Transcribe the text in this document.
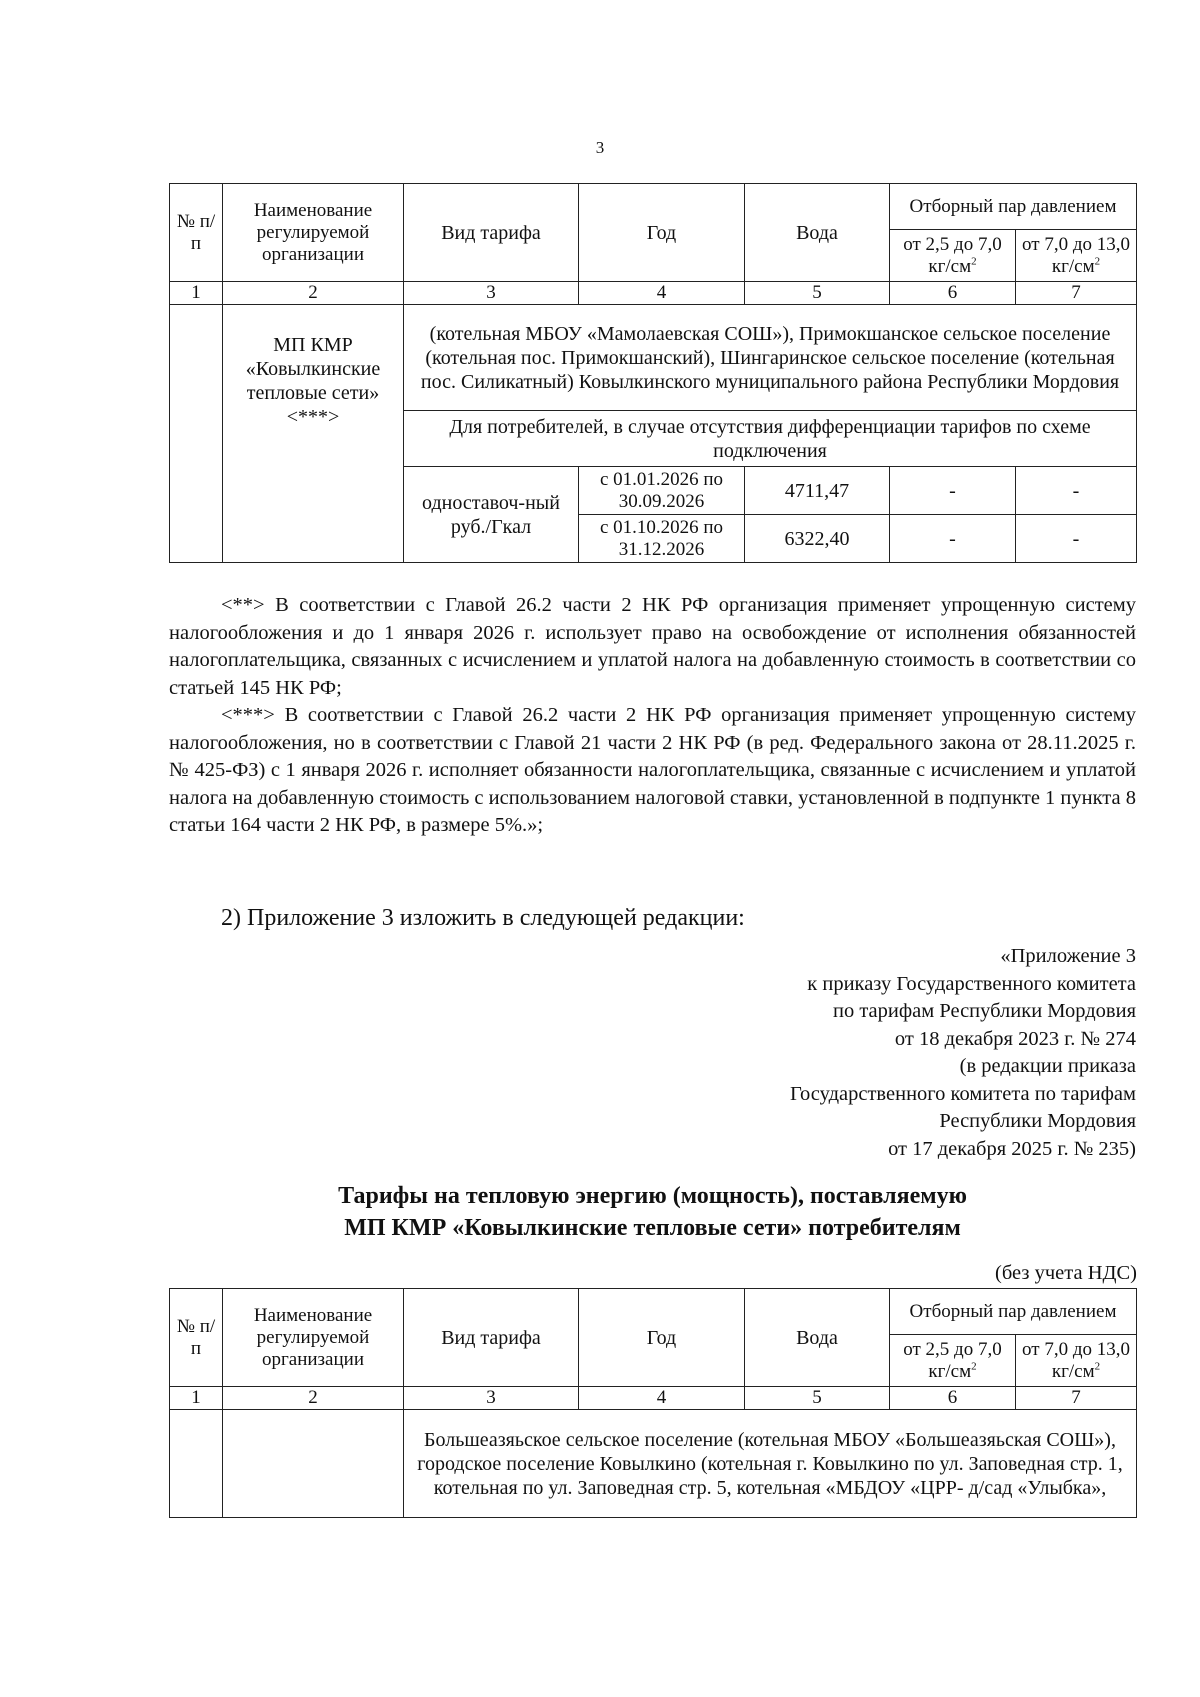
3
№ п/п	Наименование регулируемой организации	Вид тарифа	Год	Вода	Отборный пар давлением	
					от 2,5 до 7,0 $кг/см^2$	от 7,0 до 13,0 $кг/см^2$
1	2	3	4	5	6	7
	МП КМР «Ковылкинские тепловые сети» <***>	(котельная МБОУ «Мамолаевская СОШ»), Примокшанское сельское поселение (котельная пос. Примокшанский), Шингаринское сельское поселение (котельная пос. Силикатный) Ковылкинского муниципального района Республики Мордовия				
		Для потребителей, в случае отсутствия дифференциации тарифов по схеме подключения				
		одноставоч-ный руб./Гкал	с 01.01.2026 по 30.09.2026	4711,47	-	-
			с 01.10.2026 по 31.12.2026	6322,40	-	-
<**> В соответствии с Главой 26.2 части 2 НК РФ организация применяет упрощенную систему налогообложения и до 1 января 2026 г. использует право на освобождение от исполнения обязанностей налогоплательщика, связанных с исчислением и уплатой налога на добавленную стоимость в соответствии со статьей 145 НК РФ;
<***> В соответствии с Главой 26.2 части 2 НК РФ организация применяет упрощенную систему налогообложения, но в соответствии с Главой 21 части 2 НК РФ (в ред. Федерального закона от 28.11.2025 г. № 425-ФЗ) с 1 января 2026 г. исполняет обязанности налогоплательщика, связанные с исчислением и уплатой налога на добавленную стоимость с использованием налоговой ставки, установленной в подпункте 1 пункта 8 статьи 164 части 2 НК РФ, в размере 5%.»;
2) Приложение 3 изложить в следующей редакции:
«Приложение 3
к приказу Государственного комитета
по тарифам Республики Мордовия
от 18 декабря 2023 г. № 274
(в редакции приказа
Государственного комитета по тарифам
Республики Мордовия
от 17 декабря 2025 г. № 235)
Тарифы на тепловую энергию (мощность), поставляемую
МП КМР «Ковылкинские тепловые сети» потребителям
(без учета НДС)
№ п/п	Наименование регулируемой организации	Вид тарифа	Год	Вода	Отборный пар давлением	
					от 2,5 до 7,0 $кг/см^2$	от 7,0 до 13,0 $кг/см^2$
1	2	3	4	5	6	7
		Большеазяьское сельское поселение (котельная МБОУ «Большеазяьская СОШ»), городское поселение Ковылкино (котельная г. Ковылкино по ул. Заповедная стр. 1, котельная по ул. Заповедная стр. 5, котельная «МБДОУ «ЦРР- д/сад «Улыбка»,				
